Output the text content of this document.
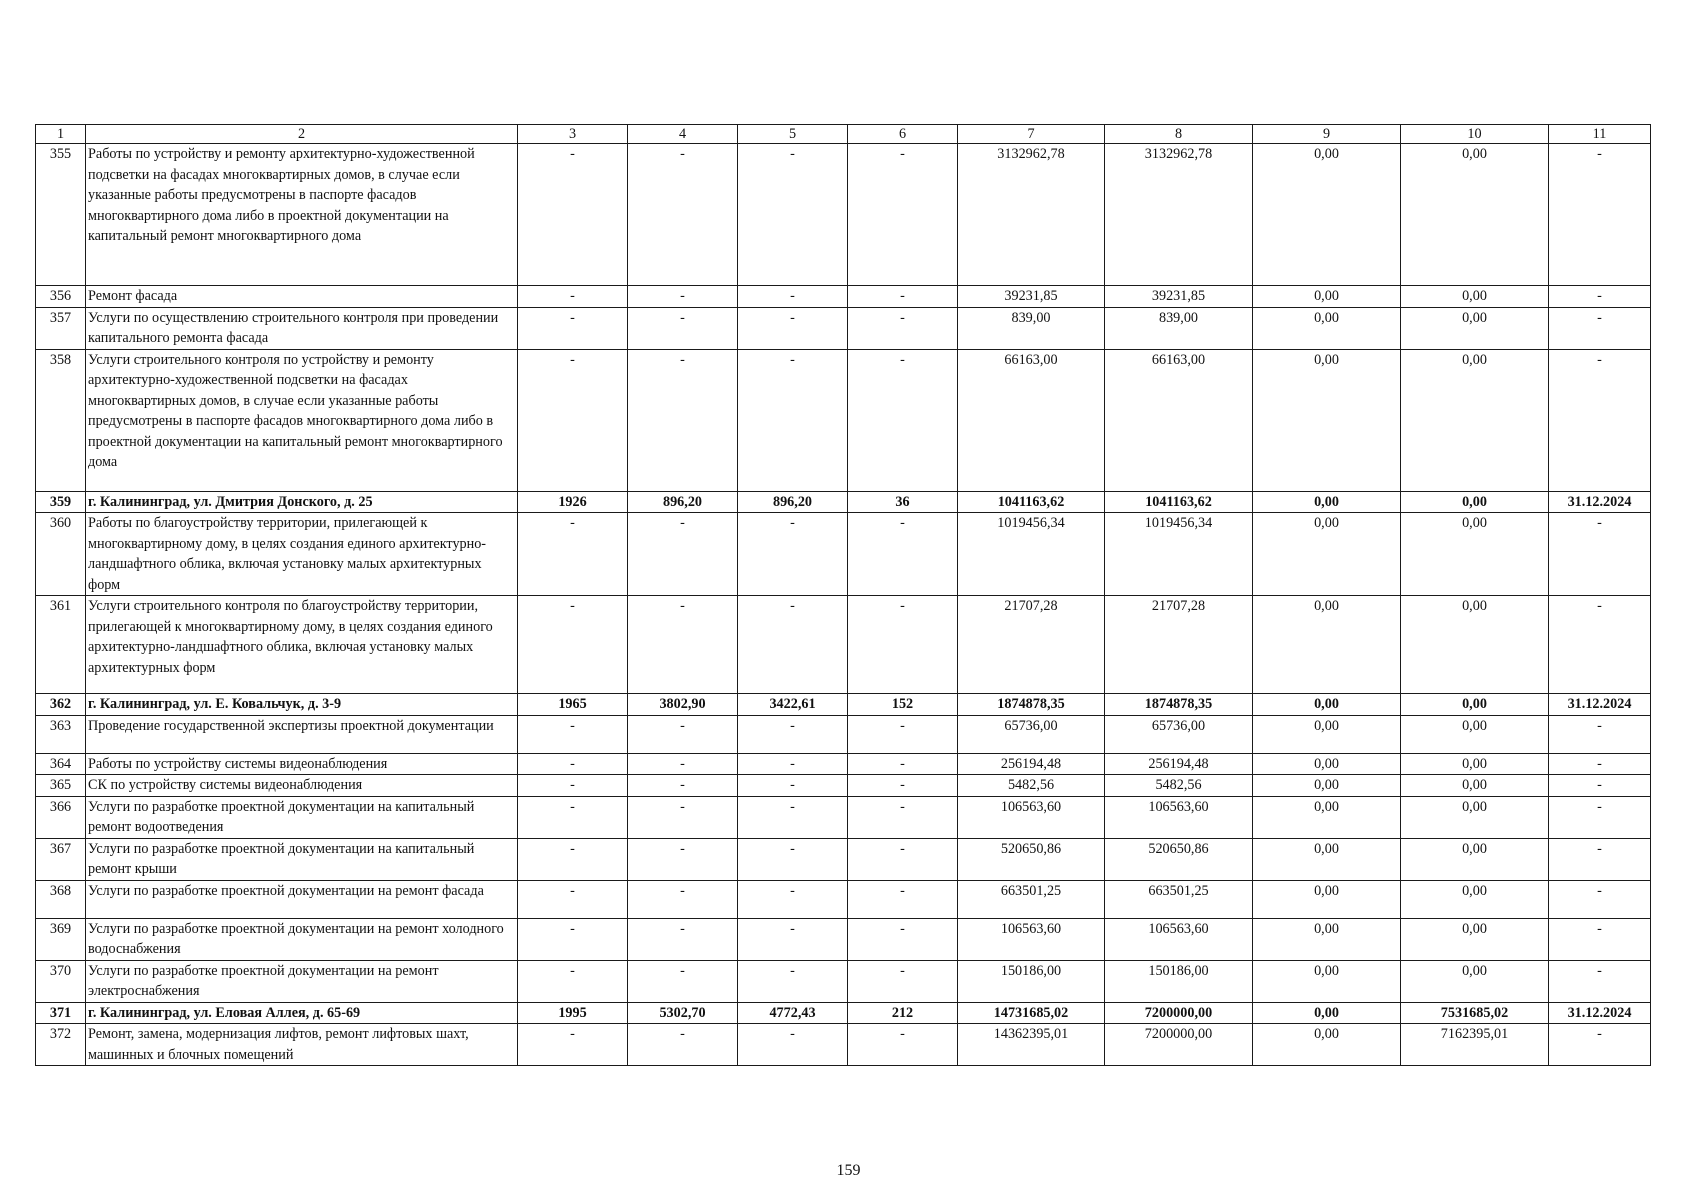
1	2	3	4	5	6	7	8	9	10	11
355	Работы по устройству и ремонту архитектурно-художественной подсветки на фасадах многоквартирных домов, в случае если указанные работы предусмотрены в паспорте фасадов многоквартирного дома либо в проектной документации на капитальный ремонт многоквартирного дома	-	-	-	-	3132962,78	3132962,78	0,00	0,00	-
356	Ремонт фасада	-	-	-	-	39231,85	39231,85	0,00	0,00	-
357	Услуги по осуществлению строительного контроля при проведении капитального ремонта фасада	-	-	-	-	839,00	839,00	0,00	0,00	-
358	Услуги строительного контроля по устройству и ремонту архитектурно-художественной подсветки на фасадах многоквартирных домов, в случае если указанные работы предусмотрены в паспорте фасадов многоквартирного дома либо в проектной документации на капитальный ремонт многоквартирного дома	-	-	-	-	66163,00	66163,00	0,00	0,00	-
359	г. Калининград, ул. Дмитрия Донского, д. 25	1926	896,20	896,20	36	1041163,62	1041163,62	0,00	0,00	31.12.2024
360	Работы по благоустройству территории, прилегающей к многоквартирному дому, в целях создания единого архитектурно-ландшафтного облика, включая установку малых архитектурных форм	-	-	-	-	1019456,34	1019456,34	0,00	0,00	-
361	Услуги строительного контроля по благоустройству территории, прилегающей к многоквартирному дому, в целях создания единого архитектурно-ландшафтного облика, включая установку малых архитектурных форм	-	-	-	-	21707,28	21707,28	0,00	0,00	-
362	г. Калининград, ул. Е. Ковальчук, д. 3-9	1965	3802,90	3422,61	152	1874878,35	1874878,35	0,00	0,00	31.12.2024
363	Проведение государственной экспертизы проектной документации	-	-	-	-	65736,00	65736,00	0,00	0,00	-
364	Работы по устройству системы видеонаблюдения	-	-	-	-	256194,48	256194,48	0,00	0,00	-
365	СК по устройству системы видеонаблюдения	-	-	-	-	5482,56	5482,56	0,00	0,00	-
366	Услуги по разработке проектной документации на капитальный ремонт водоотведения	-	-	-	-	106563,60	106563,60	0,00	0,00	-
367	Услуги по разработке проектной документации на капитальный ремонт крыши	-	-	-	-	520650,86	520650,86	0,00	0,00	-
368	Услуги по разработке проектной документации на ремонт фасада	-	-	-	-	663501,25	663501,25	0,00	0,00	-
369	Услуги по разработке проектной документации на ремонт холодного водоснабжения	-	-	-	-	106563,60	106563,60	0,00	0,00	-
370	Услуги по разработке проектной документации на ремонт электроснабжения	-	-	-	-	150186,00	150186,00	0,00	0,00	-
371	г. Калининград, ул. Еловая Аллея, д. 65-69	1995	5302,70	4772,43	212	14731685,02	7200000,00	0,00	7531685,02	31.12.2024
372	Ремонт, замена, модернизация лифтов, ремонт лифтовых шахт, машинных и блочных помещений	-	-	-	-	14362395,01	7200000,00	0,00	7162395,01	-
159
